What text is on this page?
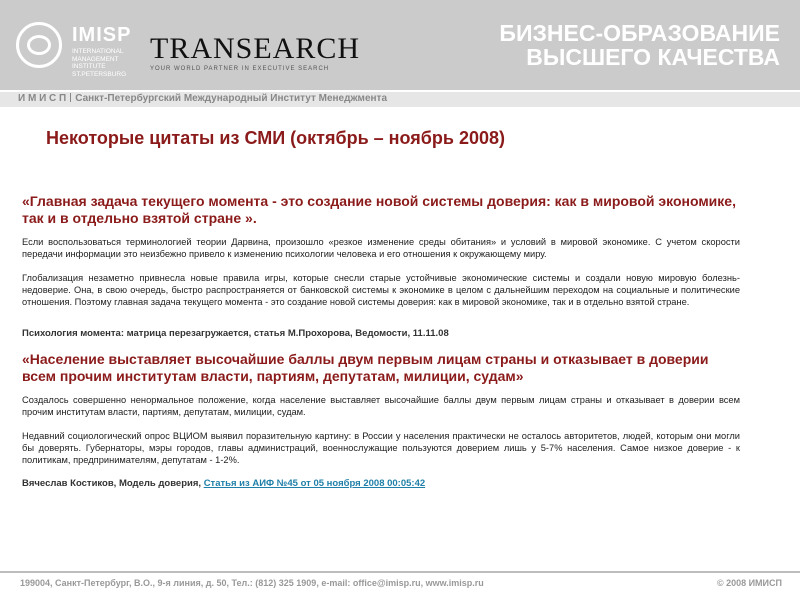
IMISP
INTERNATIONAL MANAGEMENT INSTITUTE ST.PETERSBURG
TRANSEARCH
YOUR WORLD PARTNER IN EXECUTIVE SEARCH
БИЗНЕС-ОБРАЗОВАНИЕ
ВЫСШЕГО КАЧЕСТВА
И М И С П Санкт-Петербургский Международный Институт Менеджмента
Некоторые цитаты из СМИ (октябрь – ноябрь 2008)

«Главная задача текущего момента - это создание новой системы доверия: как в мировой экономике, так и в отдельно взятой стране ».

Если воспользоваться терминологией теории Дарвина, произошло «резкое изменение среды обитания» и условий в мировой экономике. С учетом скорости передачи информации это неизбежно привело к изменению психологии человека и его отношения к окружающему миру.

Глобализация незаметно привнесла новые правила игры, которые снесли старые устойчивые экономические системы и создали новую мировую болезнь-недоверие. Она, в свою очередь, быстро распространяется от банковской системы к экономике в целом с дальнейшим переходом на социальные и политические отношения. Поэтому главная задача текущего момента - это создание новой системы доверия: как в мировой экономике, так и в отдельно взятой стране.

Психология момента: матрица перезагружается, статья М.Прохорова, Ведомости, 11.11.08

«Население выставляет высочайшие баллы двум первым лицам страны и отказывает в доверии всем прочим институтам власти, партиям, депутатам, милиции, судам»

Создалось совершенно ненормальное положение, когда население выставляет высочайшие баллы двум первым лицам страны и отказывает в доверии всем прочим институтам власти, партиям, депутатам, милиции, судам.

Недавний социологический опрос ВЦИОМ выявил поразительную картину: в России у населения практически не осталось авторитетов, людей, которым они могли бы доверять. Губернаторы, мэры городов, главы администраций, военнослужащие пользуются доверием лишь у 5-7% населения. Самое низкое доверие - к политикам, предпринимателям, депутатам - 1-2%.

Вячеслав Костиков, Модель доверия, Статья из АИФ №45 от 05 ноября 2008 00:05:42

199004, Санкт-Петербург, В.О., 9-я линия, д. 50, Тел.: (812) 325 1909, e-mail: office@imisp.ru, www.imisp.ru	© 2008 ИМИСП
